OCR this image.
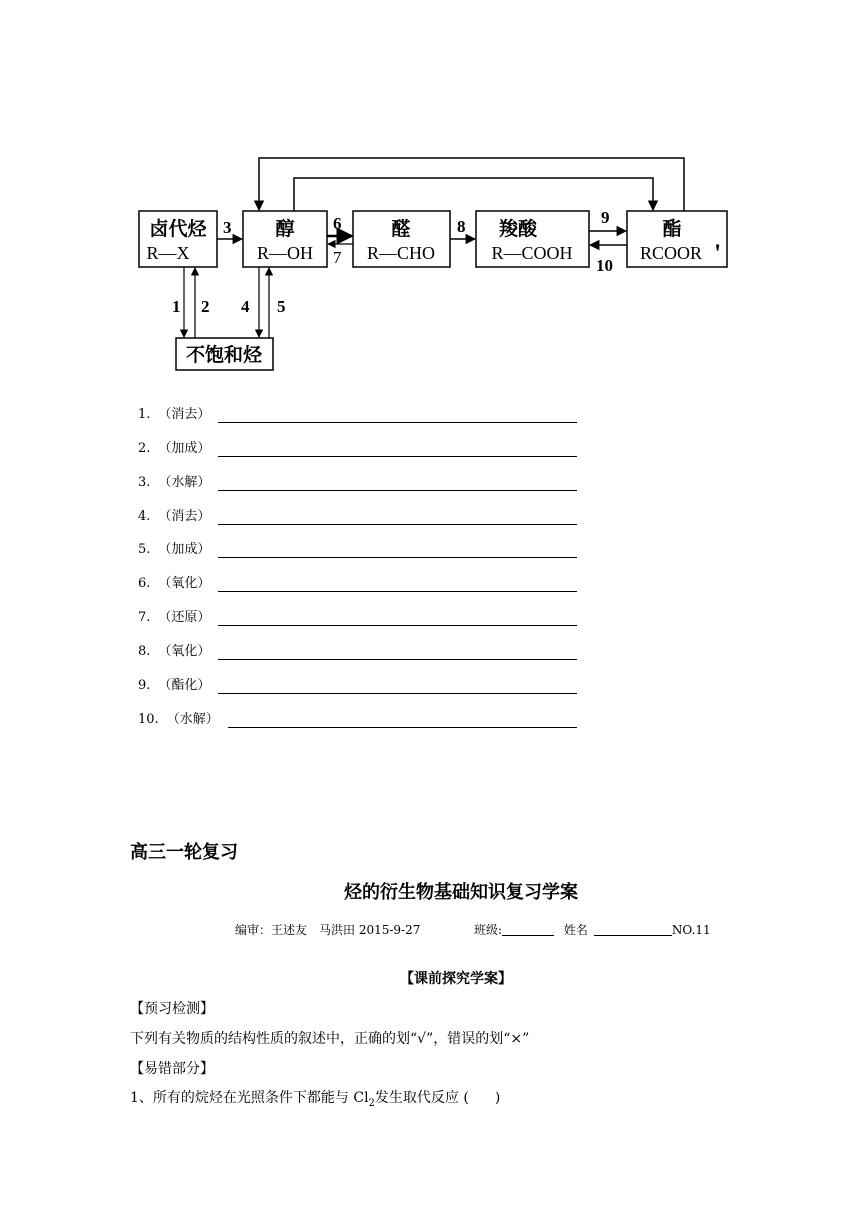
卤代烃
R—X
醇
R—OH
醛
R—CHO
羧酸
R—COOH
酯
RCOOR '
不饱和烃
1 2
3
4 5
6
7
8	9
10
1. （消去）
2. （加成）
3. （水解）
4. （消去）
5. （加成）
6. （氧化）
7. （还原）
8. （氧化）
9. （酯化）
10. （水解）
高三一轮复习
烃的衍生物基础知识复习学案
编审：王述友　马洪田 2015-9-27	班级:	姓名	NO.11
【课前探究学案】
【预习检测】
下列有关物质的结构性质的叙述中，正确的划“√”，错误的划“×”
【易错部分】
1、所有的烷烃在光照条件下都能与 $Cl_2$发生取代反应 ( )
